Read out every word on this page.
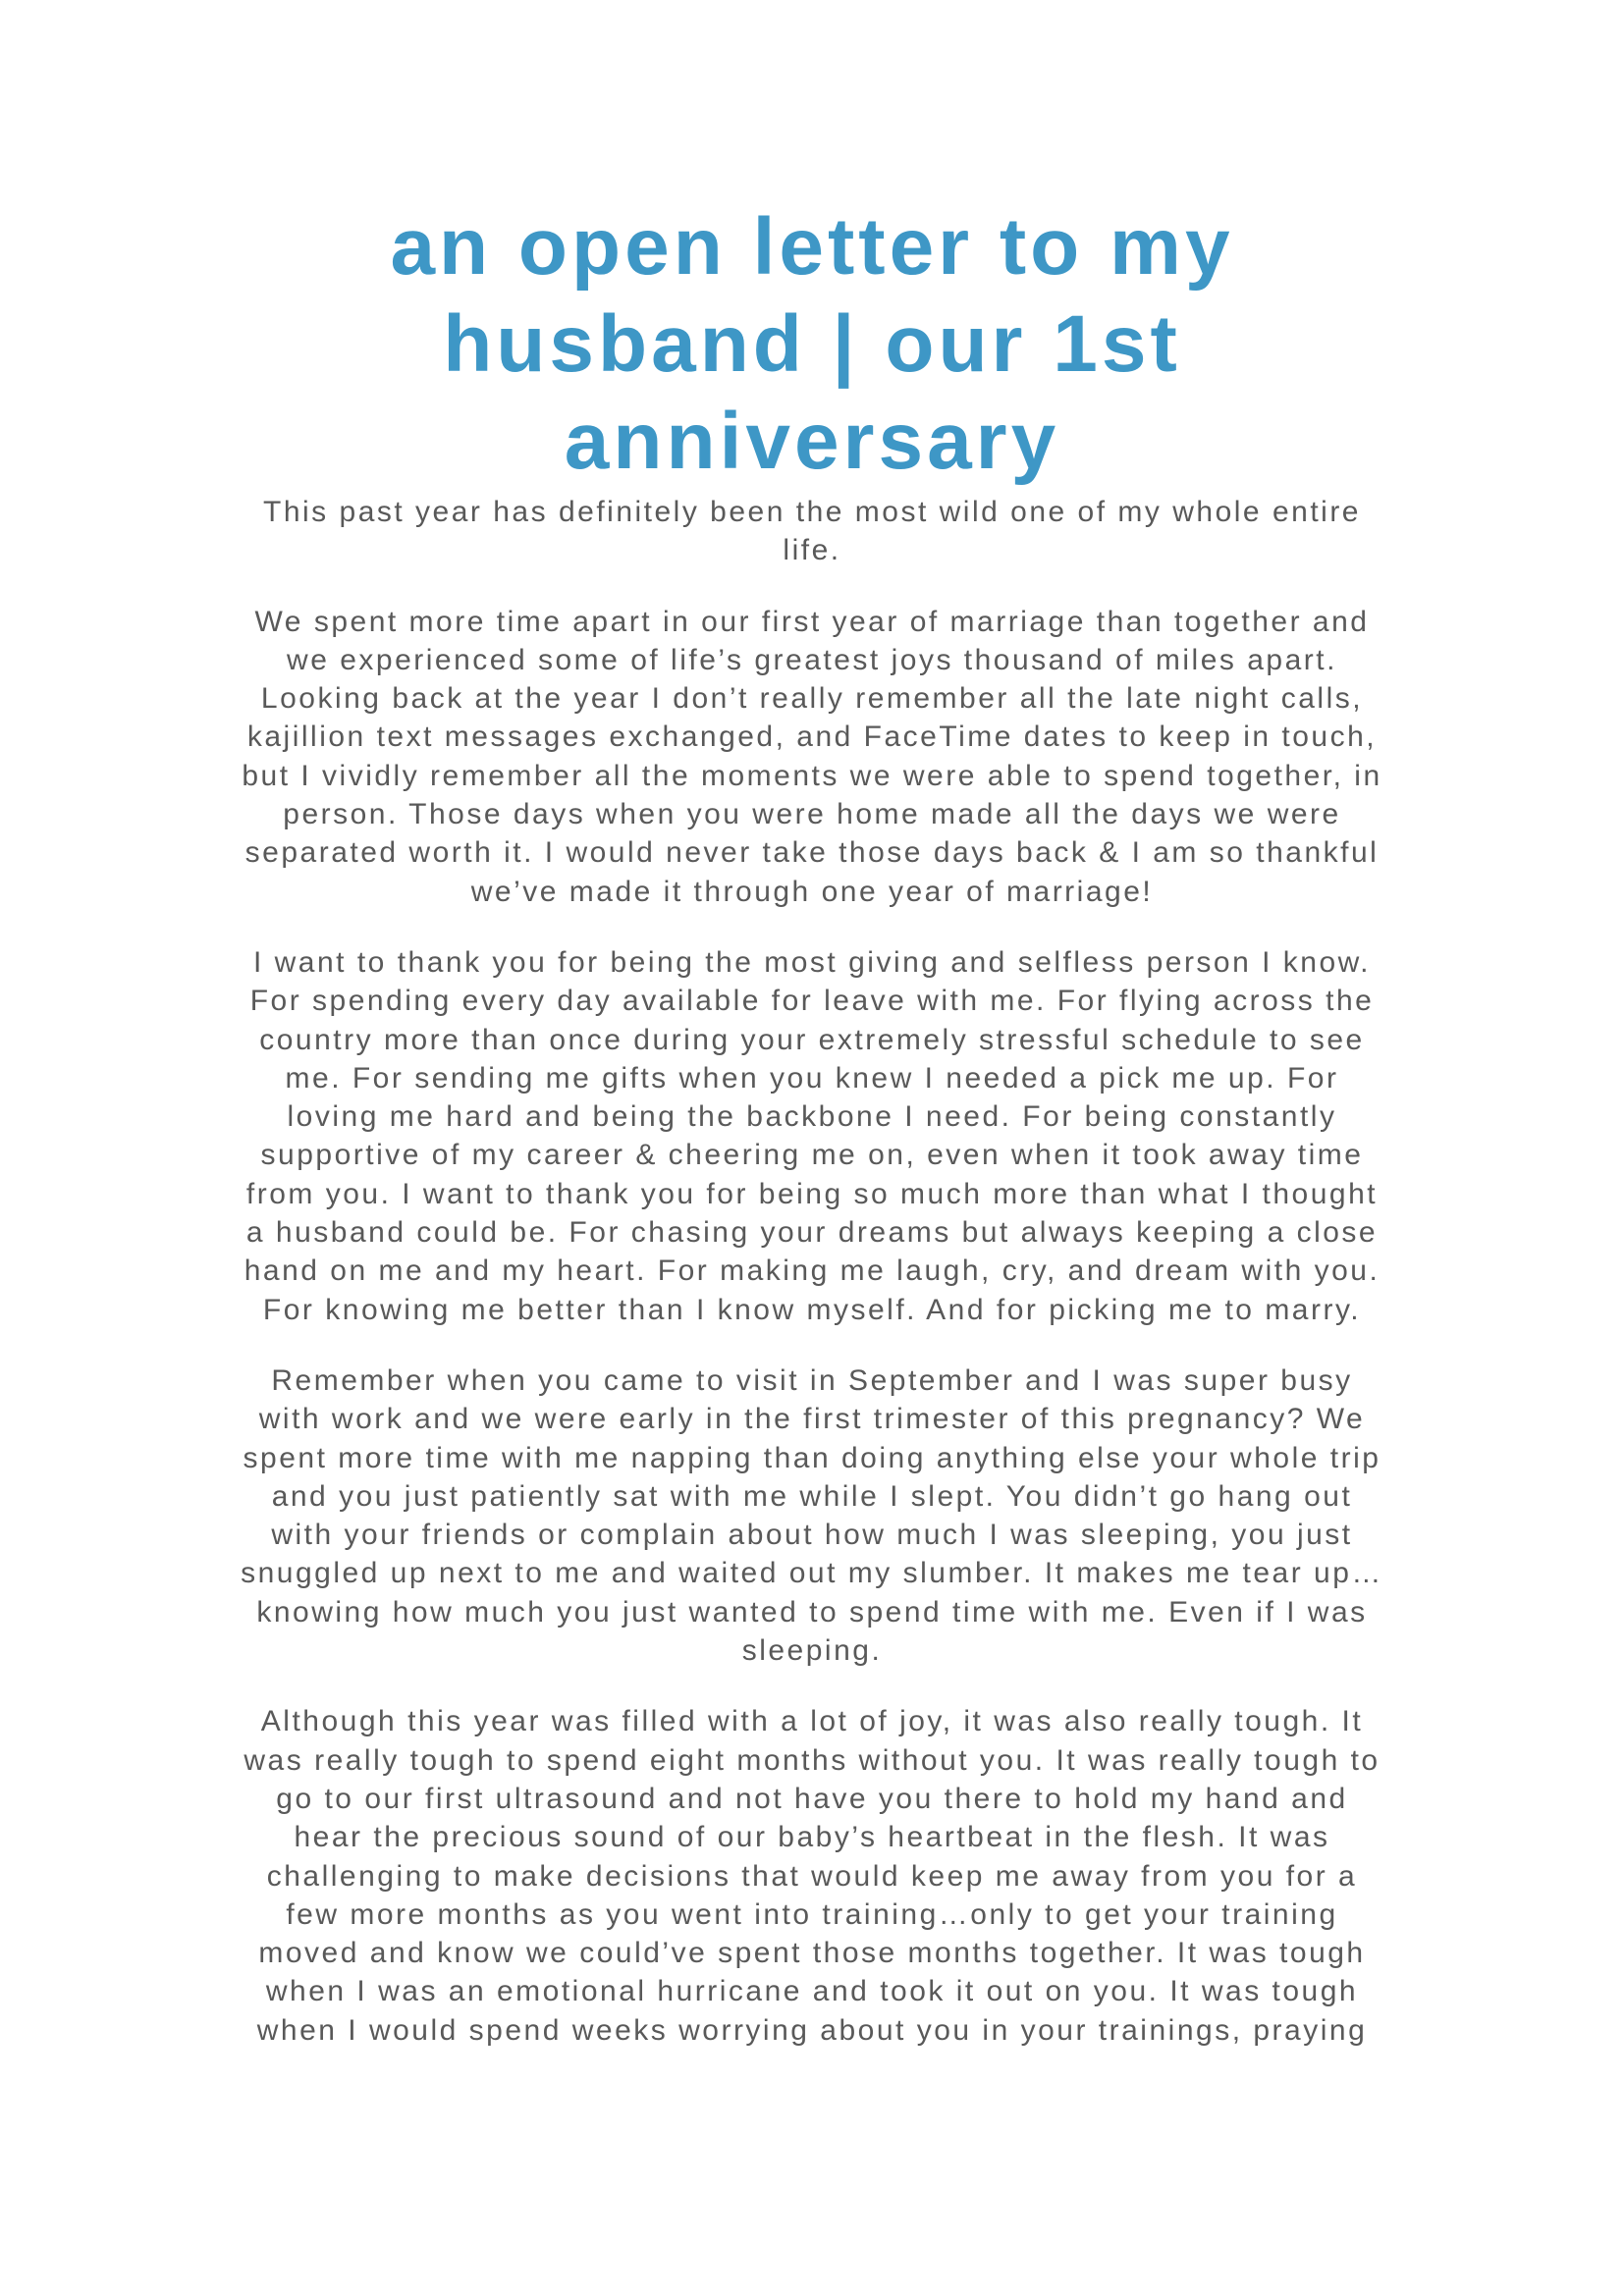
an open letter to my husband | our 1st anniversary

This past year has definitely been the most wild one of my whole entire life.

We spent more time apart in our first year of marriage than together and we experienced some of life’s greatest joys thousand of miles apart. Looking back at the year I don’t really remember all the late night calls, kajillion text messages exchanged, and FaceTime dates to keep in touch, but I vividly remember all the moments we were able to spend together, in person. Those days when you were home made all the days we were separated worth it. I would never take those days back & I am so thankful we’ve made it through one year of marriage!

I want to thank you for being the most giving and selfless person I know. For spending every day available for leave with me. For flying across the country more than once during your extremely stressful schedule to see me. For sending me gifts when you knew I needed a pick me up. For loving me hard and being the backbone I need. For being constantly supportive of my career & cheering me on, even when it took away time from you. I want to thank you for being so much more than what I thought a husband could be. For chasing your dreams but always keeping a close hand on me and my heart. For making me laugh, cry, and dream with you. For knowing me better than I know myself. And for picking me to marry.

Remember when you came to visit in September and I was super busy with work and we were early in the first trimester of this pregnancy? We spent more time with me napping than doing anything else your whole trip and you just patiently sat with me while I slept. You didn’t go hang out with your friends or complain about how much I was sleeping, you just snuggled up next to me and waited out my slumber. It makes me tear up…knowing how much you just wanted to spend time with me. Even if I was sleeping.

Although this year was filled with a lot of joy, it was also really tough. It was really tough to spend eight months without you. It was really tough to go to our first ultrasound and not have you there to hold my hand and hear the precious sound of our baby’s heartbeat in the flesh. It was challenging to make decisions that would keep me away from you for a few more months as you went into training…only to get your training moved and know we could’ve spent those months together. It was tough when I was an emotional hurricane and took it out on you. It was tough when I would spend weeks worrying about you in your trainings, praying
